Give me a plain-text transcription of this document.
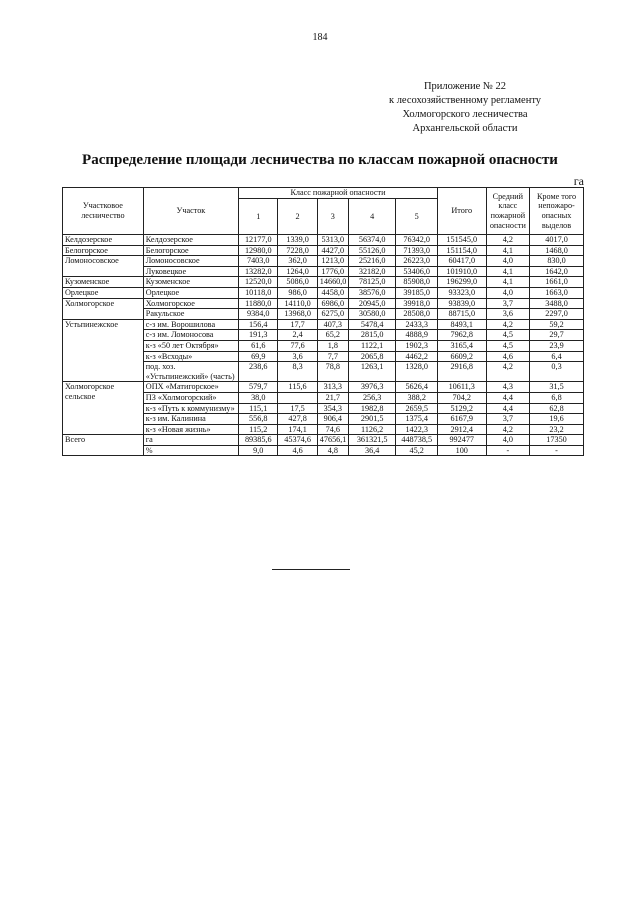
184
Приложение № 22
к лесохозяйственному регламенту
Холмогорского лесничества
Архангельской области
Распределение площади лесничества по классам пожарной опасности
га
Участковое лесничество	Участок	Класс пожарной опасности					Итого	Средний класс пожарной опасности	Кроме того непожаро-опасных выделов
		1	2	3	4	5			
Келдозерское	Келдозерское	12177,0	1339,0	5313,0	56374,0	76342,0	151545,0	4,2	4017,0
Белогорское	Белогорское	12980,0	7228,0	4427,0	55126,0	71393,0	151154,0	4,1	1468,0
Ломоносовское	Ломоносовское	7403,0	362,0	1213,0	25216,0	26223,0	60417,0	4,0	830,0
	Луковецкое	13282,0	1264,0	1776,0	32182,0	53406,0	101910,0	4,1	1642,0
Кузоменское	Кузоменское	12520,0	5086,0	14660,0	78125,0	85908,0	196299,0	4,1	1661,0
Орлецкое	Орлецкое	10118,0	986,0	4458,0	38576,0	39185,0	93323,0	4,0	1663,0
Холмогорское	Холмогорское	11880,0	14110,0	6986,0	20945,0	39918,0	93839,0	3,7	3488,0
	Ракульское	9384,0	13968,0	6275,0	30580,0	28508,0	88715,0	3,6	2297,0
Устьпинежское	с-з им. Ворошилова	156,4	17,7	407,3	5478,4	2433,3	8493,1	4,2	59,2
	с-з им. Ломоносова	191,3	2,4	65,2	2815,0	4888,9	7962,8	4,5	29,7
	к-з «50 лет Октября»	61,6	77,6	1,8	1122,1	1902,3	3165,4	4,5	23,9
	к-з «Всходы»	69,9	3,6	7,7	2065,8	4462,2	6609,2	4,6	6,4
	под. хоз. «Устьпинежский» (часть)	238,6	8,3	78,8	1263,1	1328,0	2916,8	4,2	0,3
Холмогорское сельское	ОПХ «Матигорское»	579,7	115,6	313,3	3976,3	5626,4	10611,3	4,3	31,5
	ПЗ «Холмогорский»	38,0		21,7	256,3	388,2	704,2	4,4	6,8
	к-з «Путь к коммунизму»	115,1	17,5	354,3	1982,8	2659,5	5129,2	4,4	62,8
	к-з им. Калинина	556,8	427,8	906,4	2901,5	1375,4	6167,9	3,7	19,6
	к-з «Новая жизнь»	115,2	174,1	74,6	1126,2	1422,3	2912,4	4,2	23,2
Всего	га	89385,6	45374,6	47656,1	361321,5	448738,5	992477	4,0	17350
	%	9,0	4,6	4,8	36,4	45,2	100	-	-
